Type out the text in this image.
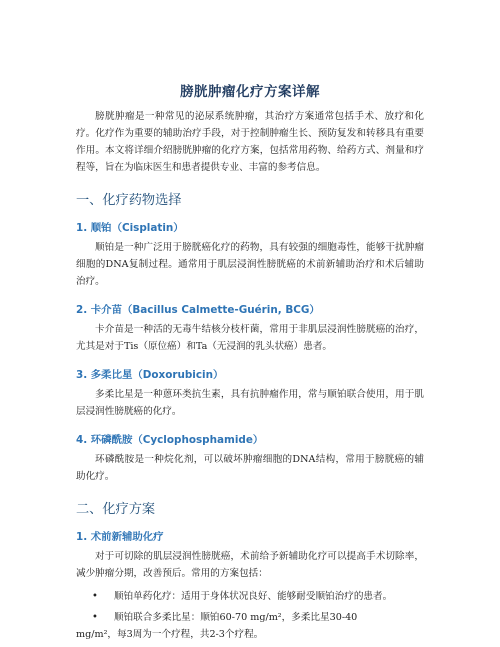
膀胱肿瘤化疗方案详解

膀胱肿瘤是一种常见的泌尿系统肿瘤，其治疗方案通常包括手术、放疗和化疗。化疗作为重要的辅助治疗手段，对于控制肿瘤生长、预防复发和转移具有重要作用。本文将详细介绍膀胱肿瘤的化疗方案，包括常用药物、给药方式、剂量和疗程等，旨在为临床医生和患者提供专业、丰富的参考信息。

一、化疗药物选择
1. 顺铂（Cisplatin）

顺铂是一种广泛用于膀胱癌化疗的药物，具有较强的细胞毒性，能够干扰肿瘤细胞的DNA复制过程。通常用于肌层浸润性膀胱癌的术前新辅助治疗和术后辅助治疗。

2. 卡介苗（Bacillus Calmette-Guérin, BCG）

卡介苗是一种活的无毒牛结核分枝杆菌，常用于非肌层浸润性膀胱癌的治疗，尤其是对于Tis（原位癌）和Ta（无浸润的乳头状癌）患者。

3. 多柔比星（Doxorubicin）

多柔比星是一种蒽环类抗生素，具有抗肿瘤作用，常与顺铂联合使用，用于肌层浸润性膀胱癌的化疗。

4. 环磷酰胺（Cyclophosphamide）

环磷酰胺是一种烷化剂，可以破坏肿瘤细胞的DNA结构，常用于膀胱癌的辅助化疗。

二、化疗方案
1. 术前新辅助化疗

对于可切除的肌层浸润性膀胱癌，术前给予新辅助化疗可以提高手术切除率，减少肿瘤分期，改善预后。常用的方案包括：

• 顺铂单药化疗：适用于身体状况良好、能够耐受顺铂治疗的患者。
• 顺铂联合多柔比星：顺铂60-70 mg/m²，多柔比星30-40
mg/m²，每3周为一个疗程，共2-3个疗程。
